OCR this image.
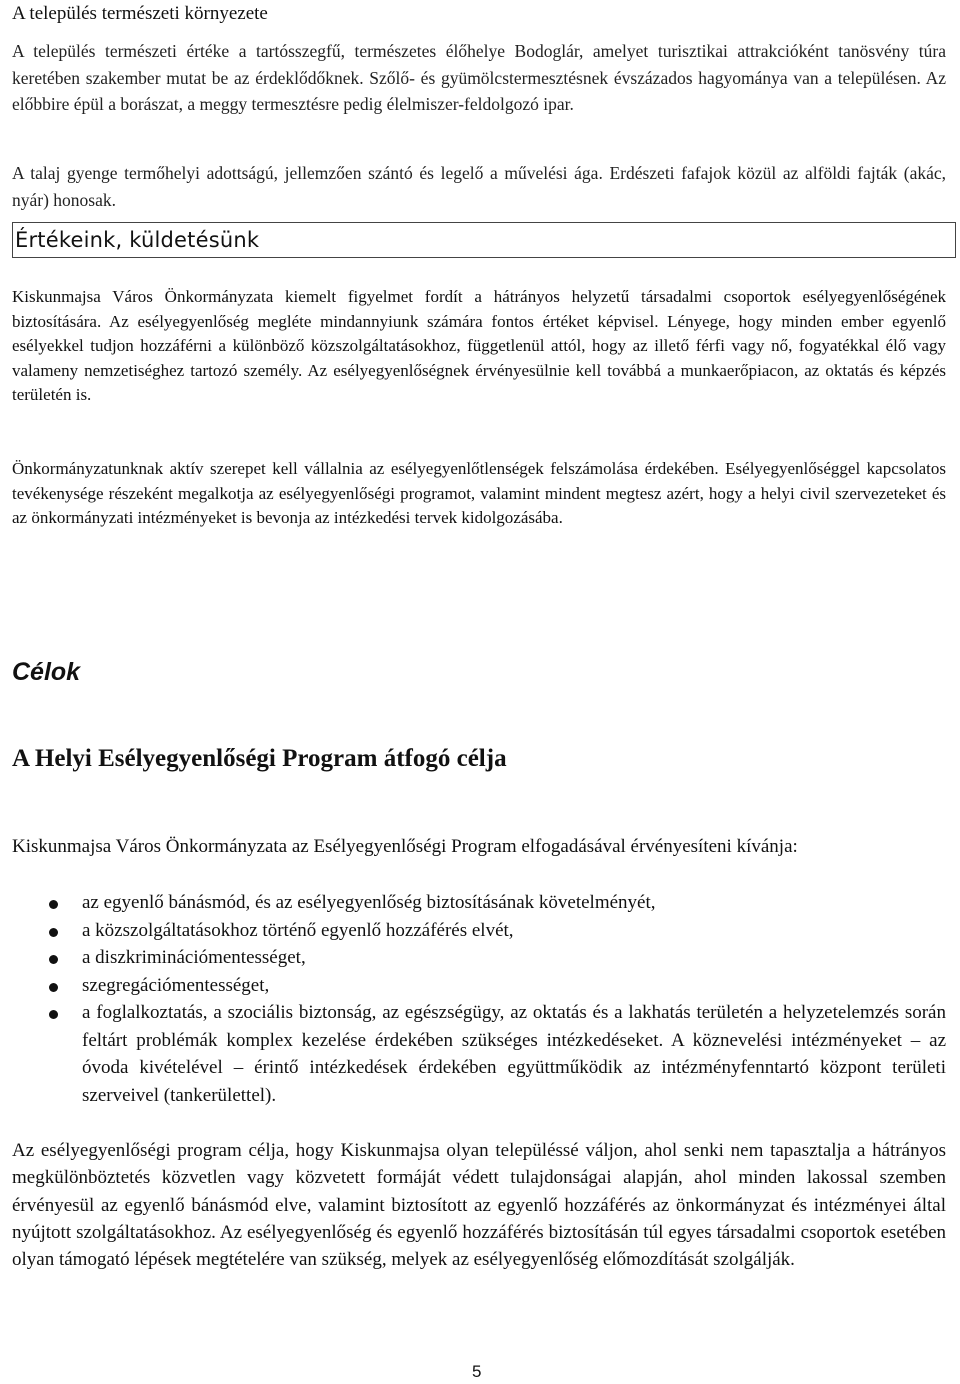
A település természeti környezete

A település természeti értéke a tartósszegfű, természetes élőhelye Bodoglár, amelyet turisztikai attrakcióként tanösvény túra keretében szakember mutat be az érdeklődőknek. Szőlő- és gyümölcstermesztésnek évszázados hagyománya van a településen. Az előbbire épül a borászat, a meggy termesztésre pedig élelmiszer-feldolgozó ipar.

A talaj gyenge termőhelyi adottságú, jellemzően szántó és legelő a művelési ága. Erdészeti fafajok közül az alföldi fajták (akác, nyár) honosak.

Értékeink, küldetésünk

Kiskunmajsa Város Önkormányzata kiemelt figyelmet fordít a hátrányos helyzetű társadalmi csoportok esélyegyenlőségének biztosítására. Az esélyegyenlőség megléte mindannyiunk számára fontos értéket képvisel. Lényege, hogy minden ember egyenlő esélyekkel tudjon hozzáférni a különböző közszolgáltatásokhoz, függetlenül attól, hogy az illető férfi vagy nő, fogyatékkal élő vagy valameny nemzetiséghez tartozó személy. Az esélyegyenlőségnek érvényesülnie kell továbbá a munkaerőpiacon, az oktatás és képzés területén is.

Önkormányzatunknak aktív szerepet kell vállalnia az esélyegyenlőtlenségek felszámolása érdekében. Esélyegyenlőséggel kapcsolatos tevékenysége részeként megalkotja az esélyegyenlőségi programot, valamint mindent megtesz azért, hogy a helyi civil szervezeteket és az önkormányzati intézményeket is bevonja az intézkedési tervek kidolgozásába.

Célok
A Helyi Esélyegyenlőségi Program átfogó célja

Kiskunmajsa Város Önkormányzata az Esélyegyenlőségi Program elfogadásával érvényesíteni kívánja:

az egyenlő bánásmód, és az esélyegyenlőség biztosításának követelményét,
a közszolgáltatásokhoz történő egyenlő hozzáférés elvét,
a diszkriminációmentességet,
szegregációmentességet,
a foglalkoztatás, a szociális biztonság, az egészségügy, az oktatás és a lakhatás területén a helyzetelemzés során feltárt problémák komplex kezelése érdekében szükséges intézkedéseket. A köznevelési intézményeket – az óvoda kivételével – érintő intézkedések érdekében együttműködik az intézményfenntartó központ területi szerveivel (tankerülettel).

Az esélyegyenlőségi program célja, hogy Kiskunmajsa olyan településsé váljon, ahol senki nem tapasztalja a hátrányos megkülönböztetés közvetlen vagy közvetett formáját védett tulajdonságai alapján, ahol minden lakossal szemben érvényesül az egyenlő bánásmód elve, valamint biztosított az egyenlő hozzáférés az önkormányzat és intézményei által nyújtott szolgáltatásokhoz. Az esélyegyenlőség és egyenlő hozzáférés biztosításán túl egyes társadalmi csoportok esetében olyan támogató lépések megtételére van szükség, melyek az esélyegyenlőség előmozdítását szolgálják.

5
